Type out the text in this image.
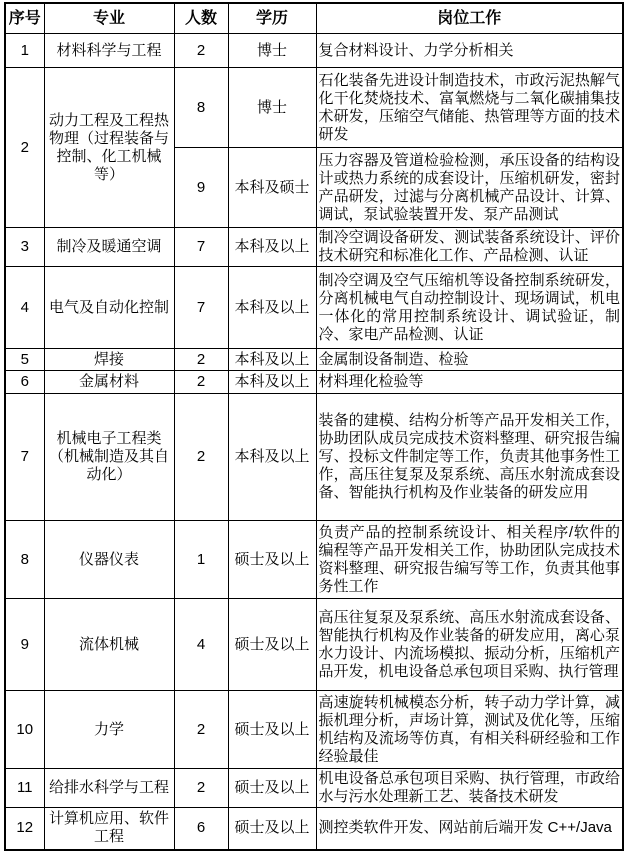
序号	专业	人数	学历	岗位工作
1	材料科学与工程	2	博士	复合材料设计、力学分析相关
2	动力工程及工程热物理（过程装备与控制、化工机械等）	8	博士	石化装备先进设计制造技术，市政污泥热解气化干化焚烧技术、富氧燃烧与二氧化碳捕集技术研发，压缩空气储能、热管理等方面的技术研发
		9	本科及硕士	压力容器及管道检验检测，承压设备的结构设计或热力系统的成套设计，压缩机研发，密封产品研发，过滤与分离机械产品设计、计算、调试，泵试验装置开发、泵产品测试
3	制冷及暖通空调	7	本科及以上	制冷空调设备研发、测试装备系统设计、评价技术研究和标准化工作、产品检测、认证
4	电气及自动化控制	7	本科及以上	制冷空调及空气压缩机等设备控制系统研发，分离机械电气自动控制设计、现场调试，机电一体化的常用控制系统设计、调试验证，制冷、家电产品检测、认证
5	焊接	2	本科及以上	金属制设备制造、检验
6	金属材料	2	本科及以上	材料理化检验等
7	机械电子工程类（机械制造及其自动化）	2	本科及以上	装备的建模、结构分析等产品开发相关工作，协助团队成员完成技术资料整理、研究报告编写、投标文件制定等工作，负责其他事务性工作，高压往复泵及泵系统、高压水射流成套设备、智能执行机构及作业装备的研发应用
8	仪器仪表	1	硕士及以上	负责产品的控制系统设计、相关程序/软件的编程等产品开发相关工作，协助团队完成技术资料整理、研究报告编写等工作，负责其他事务性工作
9	流体机械	4	硕士及以上	高压往复泵及泵系统、高压水射流成套设备、智能执行机构及作业装备的研发应用，离心泵水力设计、内流场模拟、振动分析，压缩机产品开发，机电设备总承包项目采购、执行管理
10	力学	2	硕士及以上	高速旋转机械模态分析，转子动力学计算，减振机理分析，声场计算，测试及优化等，压缩机结构及流场等仿真，有相关科研经验和工作经验最佳
11	给排水科学与工程	2	硕士及以上	机电设备总承包项目采购、执行管理，市政给水与污水处理新工艺、装备技术研发
12	计算机应用、软件工程	6	硕士及以上	测控类软件开发、网站前后端开发 C++/Java
